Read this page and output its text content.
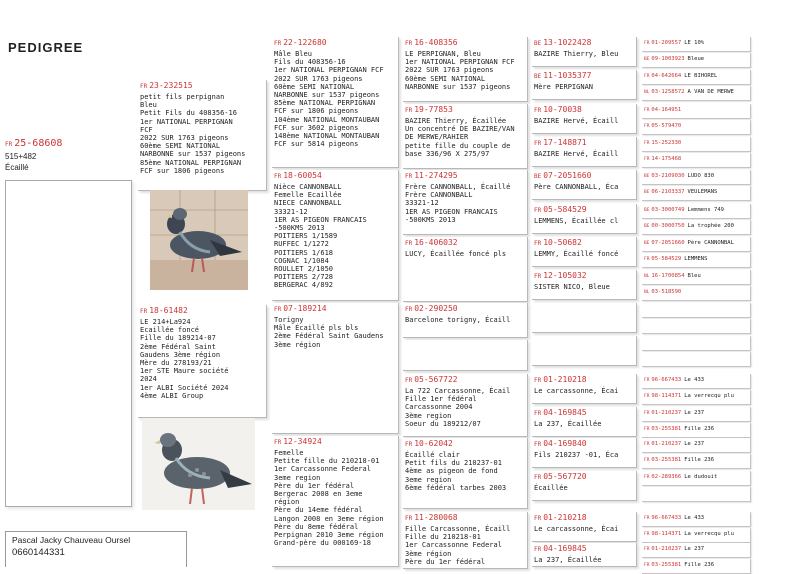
PEDIGREE
FR 25-68608
515+482
Écaillé
Pascal Jacky Chauveau Oursel
0660144331
FR 23-232515
petit fils perpignan
Bleu
Petit Fils du 408356-16
1er NATIONAL PERPIGNAN
FCF
2022 SUR 1763 pigeons
60ème SEMI NATIONAL
NARBONNE sur 1537 pigeons
85ème NATIONAL PERPIGNAN
FCF sur 1806 pigeons
FR 18-61482
LE 214+La924
Ecaillée foncé
Fille du 189214-07
2ème Fédéral Saint
Gaudens 3ème région
Mère du 278193/21
1er STE Maure société
2024
1er ALBI Société 2024
4ème ALBI Group
FR 22-122680
Mâle Bleu
Fils du 408356-16
1er NATIONAL PERPIGNAN FCF
2022 SUR 1763 pigeons
60ème SEMI NATIONAL
NARBONNE sur 1537 pigeons
85ème NATIONAL PERPIGNAN
FCF sur 1806 pigeons
104ème NATIONAL MONTAUBAN
FCF sur 3602 pigeons
148ème NATIONAL MONTAUBAN
FCF sur 5814 pigeons
FR 18-60054
Nièce CANNONBALL
Femelle Ecaillée
NIECE CANNONBALL
33321-12
1ER AS PIGEON FRANCAIS
-500KMS 2013
POITIERS 1/1589
RUFFEC 1/1272
POITIERS 1/618
COGNAC 1/1084
ROULLET 2/1050
POITIERS 2/728
BERGERAC 4/892
FR 07-189214
Torigny
Mâle Écaillé pls bls
2ème Fédéral Saint Gaudens
3ème région
FR 12-34924
Femelle
Petite fille du 210218-01
1er Carcassonne Federal
3eme region
Père du 1er fédéral
Bergerac 2008 en 3eme
région
Père du 14eme fédéral
Langon 2008 en 3eme région
Père du 8eme fédéral
Perpignan 2010 3eme région
Grand-père du 000169-18
FR 16-408356
LE PERPIGNAN, Bleu
1er NATIONAL PERPIGNAN FCF
2022 SUR 1763 pigeons
60ème SEMI NATIONAL
NARBONNE sur 1537 pigeons
FR 19-77853
BAZIRE Thierry, Écaillée
Un concentré DE BAZIRE/VAN
DE MERWE/RAHIER
petite fille du couple de
base 336/96 X 275/97
FR 11-274295
Frère CANNONBALL, Écaillé
Frère CANNONBALL
33321-12
1ER AS PIGEON FRANCAIS
-500KMS 2013
FR 16-406032
LUCY, Écaillée foncé pls
FR 02-290250
Barcelone torigny, Écaill
FR 05-567722
La 722 Carcassonne, Écail
Fille 1er fédéral
Carcassonne 2004
3ème region
Soeur du 189212/07
FR 10-62042
Écaillé clair
Petit fils du 210237-01
4ème as pigeon de fond
3eme region
6ème fédéral tarbes 2003
FR 11-280068
Fille Carcassonne, Écaill
Fille du 210218-01
1er Carcassonne Federal
3ème région
Père du 1er fédéral
BE 13-1022428
BAZIRE Thierry, Bleu
BE 11-1035377
Mère PERPIGNAN
FR 10-70038
BAZIRE Hervé, Écaill
FR 17-148871
BAZIRE Hervé, Écaill
BE 07-2051660
Père CANNONBALL, Éca
FR 05-584529
LEMMENS, Écaillée cl
FR 10-50682
LEMMY, Écaillé foncé
FR 12-105032
SISTER NICO, Bleue
FR 01-210218
Le carcassonne, Écai
FR 04-169845
La 237, Écaillée
FR 04-169840
Fils 210237 -01, Éca
FR 05-567720
Écaillée
FR 01-210218
Le carcassonne, Écai
FR 04-169845
La 237, Écaillée
FR 01-209557 LE 10%
BE 09-1003923 Bleue
FR 04-642664 LE BIHOREL
NL 03-1258572 A VAN DE MERWE
FR 04-164951
FR 05-579470
FR 15-252330
FR 14-175468
BE 03-2109030 LUDO 830
BE 06-2103337 VEULEMANS
BE 03-3000749 Lemmens 749
BE 00-3000750 La trophée 200
BE 07-2051660 Père CANNONBAL
FR 05-584529 LEMMENS
NL 16-1700854 Bleu
NL 03-518590
FR 96-667433 Le 433
FR 98-114371 La verrecqu plu
FR 01-210237 Le 237
FR 03-255381 Fille 236
FR 01-210237 Le 237
FR 03-255381 Fille 236
FR 02-289366 Le dudouit
FR 96-667433 Le 433
FR 98-114371 La verrecqu plu
FR 01-210237 Le 237
FR 03-255381 Fille 236
